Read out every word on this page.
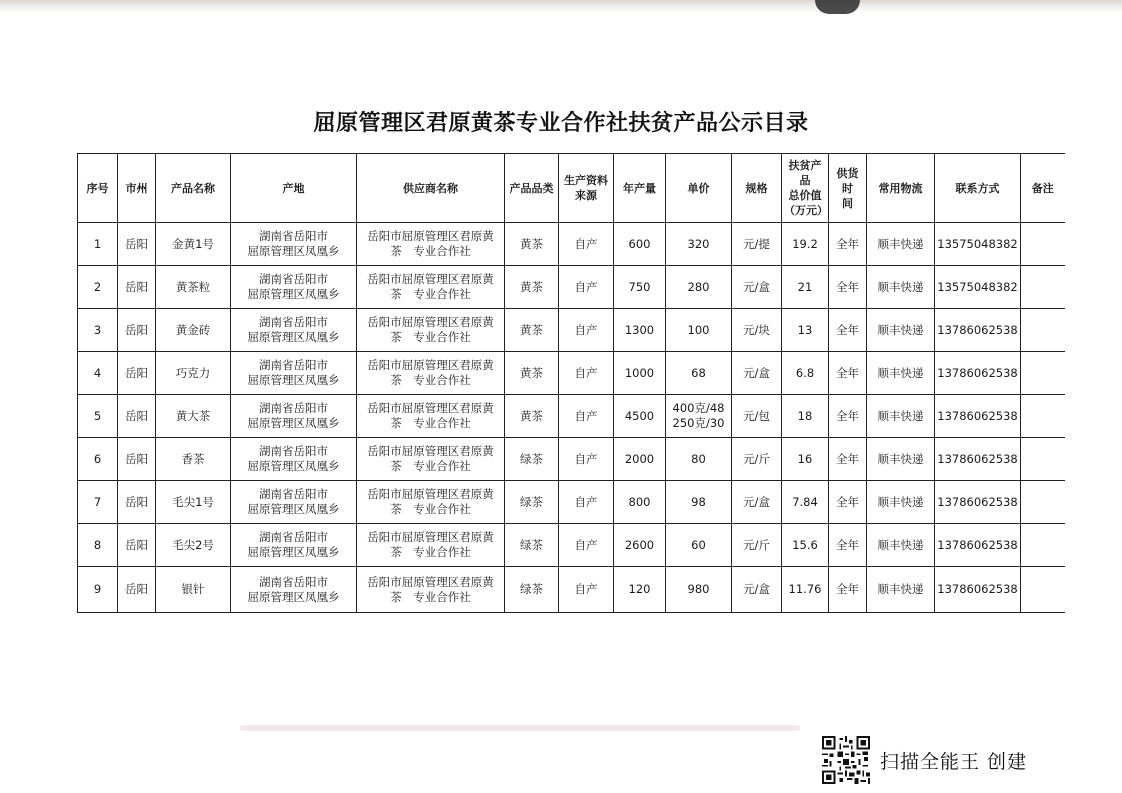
屈原管理区君原黄茶专业合作社扶贫产品公示目录
序号	市州	产品名称	产地	供应商名称	产品品类	生产资料
来源	年产量	单价	规格	扶贫产品
总价值
（万元）	供货 时
间	常用物流	联系方式	备注
1	岳阳	金黄1号	湖南省岳阳市
屈原管理区凤凰乡	岳阳市屈原管理区君原黄
茶　专业合作社	黄茶	自产	600	320	元/提	19.2	全年	顺丰快递	13575048382	
2	岳阳	黄茶粒	湖南省岳阳市
屈原管理区凤凰乡	岳阳市屈原管理区君原黄
茶　专业合作社	黄茶	自产	750	280	元/盒	21	全年	顺丰快递	13575048382	
3	岳阳	黄金砖	湖南省岳阳市
屈原管理区凤凰乡	岳阳市屈原管理区君原黄
茶　专业合作社	黄茶	自产	1300	100	元/块	13	全年	顺丰快递	13786062538	
4	岳阳	巧克力	湖南省岳阳市
屈原管理区凤凰乡	岳阳市屈原管理区君原黄
茶　专业合作社	黄茶	自产	1000	68	元/盒	6.8	全年	顺丰快递	13786062538	
5	岳阳	黄大茶	湖南省岳阳市
屈原管理区凤凰乡	岳阳市屈原管理区君原黄
茶　专业合作社	黄茶	自产	4500	400克/48
250克/30	元/包	18	全年	顺丰快递	13786062538	
6	岳阳	香茶	湖南省岳阳市
屈原管理区凤凰乡	岳阳市屈原管理区君原黄
茶　专业合作社	绿茶	自产	2000	80	元/斤	16	全年	顺丰快递	13786062538	
7	岳阳	毛尖1号	湖南省岳阳市
屈原管理区凤凰乡	岳阳市屈原管理区君原黄
茶　专业合作社	绿茶	自产	800	98	元/盒	7.84	全年	顺丰快递	13786062538	
8	岳阳	毛尖2号	湖南省岳阳市
屈原管理区凤凰乡	岳阳市屈原管理区君原黄
茶　专业合作社	绿茶	自产	2600	60	元/斤	15.6	全年	顺丰快递	13786062538	
9	岳阳	银针	湖南省岳阳市
屈原管理区凤凰乡	岳阳市屈原管理区君原黄
茶　专业合作社	绿茶	自产	120	980	元/盒	11.76	全年	顺丰快递	13786062538	
扫描全能王 创建
